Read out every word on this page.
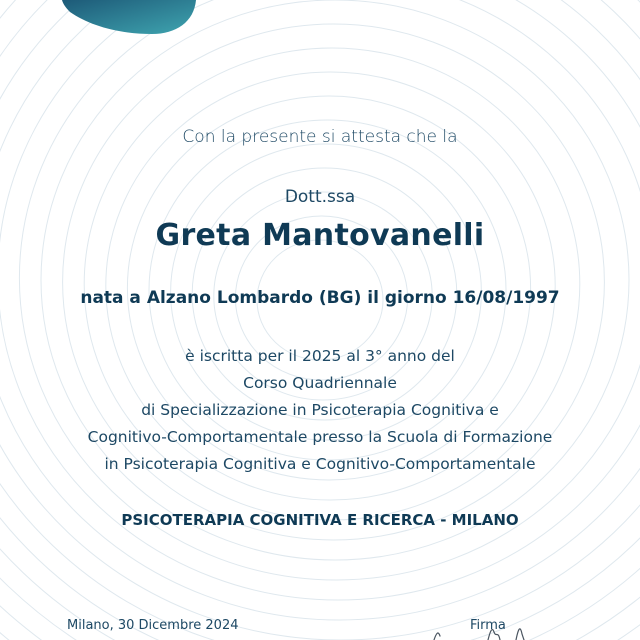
Con la presente si attesta che la
Dott.ssa
Greta Mantovanelli
nata a Alzano Lombardo (BG) il giorno 16/08/1997
è iscritta per il 2025 al 3° anno del
Corso Quadriennale
di Specializzazione in Psicoterapia Cognitiva e
Cognitivo-Comportamentale presso la Scuola di Formazione
in Psicoterapia Cognitiva e Cognitivo-Comportamentale
PSICOTERAPIA COGNITIVA E RICERCA - MILANO
Milano, 30 Dicembre 2024	Firma
